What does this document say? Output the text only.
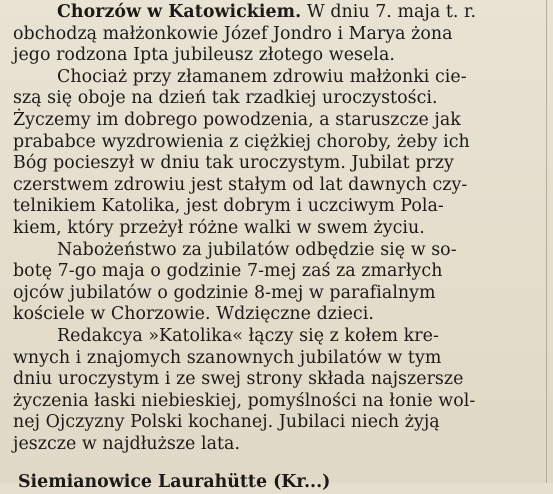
Chorzów w Katowickiem. W dniu 7. maja t. r.
obchodzą małżonkowie Józef Jondro i Marya żona
jego rodzona Ipta jubileusz złotego wesela.
Chociaż przy złamanem zdrowiu małżonki cie-
szą się oboje na dzień tak rzadkiej uroczystości.
Życzemy im dobrego powodzenia, a staruszcze jak
prababce wyzdrowienia z ciężkiej choroby, żeby ich
Bóg pocieszył w dniu tak uroczystym. Jubilat przy
czerstwem zdrowiu jest stałym od lat dawnych czy-
telnikiem Katolika, jest dobrym i uczciwym Pola-
kiem, który przeżył różne walki w swem życiu.
Nabożeństwo za jubilatów odbędzie się w so-
botę 7-go maja o godzinie 7-mej zaś za zmarłych
ojców jubilatów o godzinie 8-mej w parafialnym
kościele w Chorzowie. Wdzięczne dzieci.
Redakcya »Katolika« łączy się z kołem kre-
wnych i znajomych szanownych jubilatów w tym
dniu uroczystym i ze swej strony składa najszersze
życzenia łaski niebieskiej, pomyślności na łonie wol-
nej Ojczyzny Polski kochanej. Jubilaci niech żyją
jeszcze w najdłuższe lata.
Siemianowice Laurahütte (Kr...)
